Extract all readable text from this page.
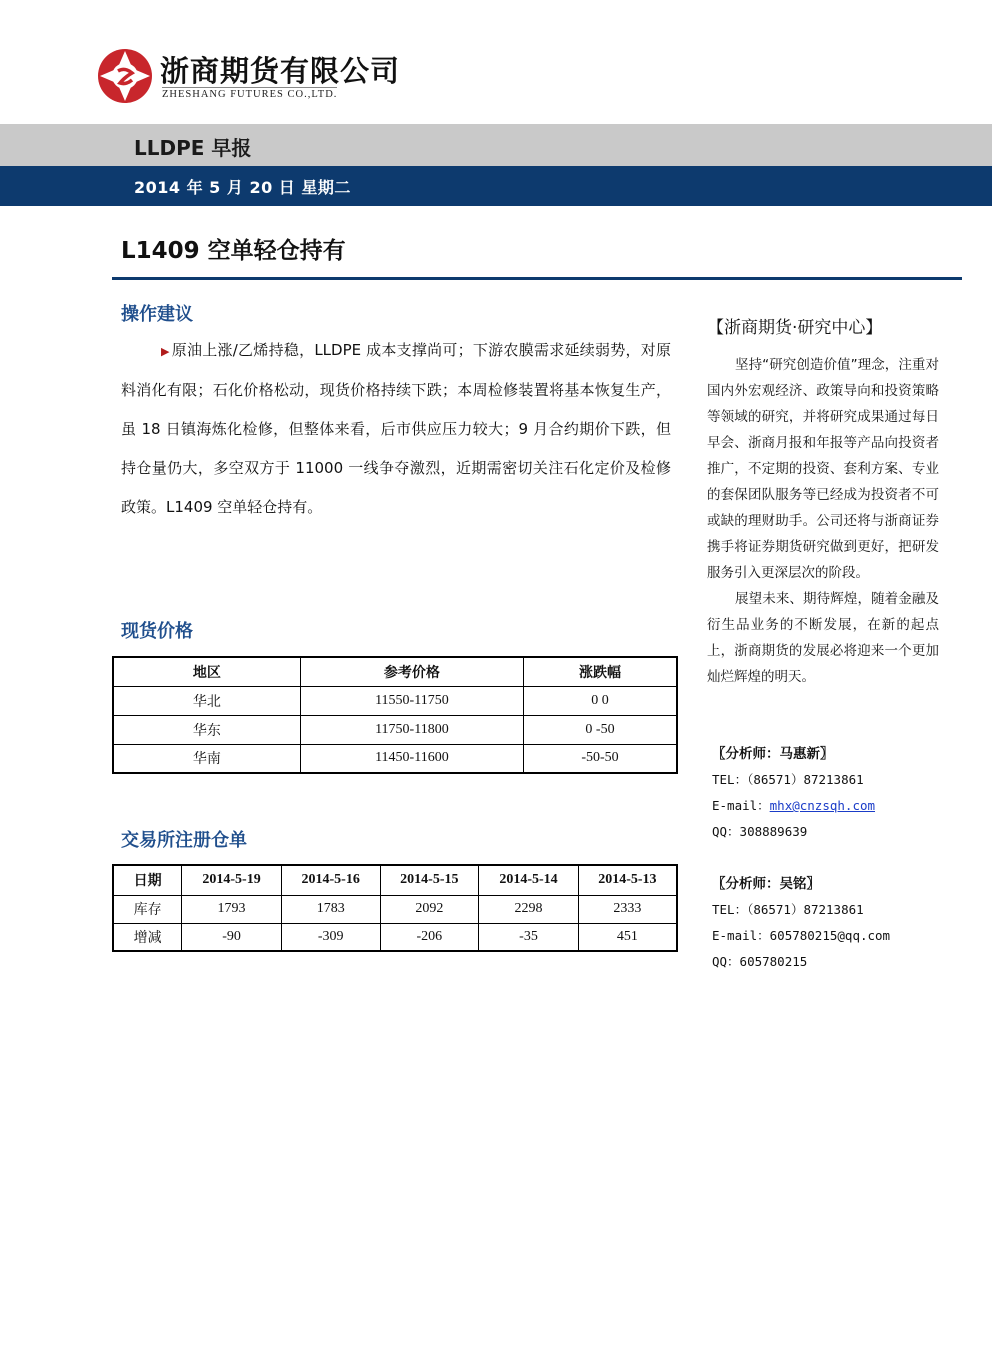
浙商期货有限公司
ZHESHANG FUTURES CO.,LTD.
LLDPE 早报
2014 年 5 月 20 日 星期二
L1409 空单轻仓持有
操作建议
▶ 原油上涨/乙烯持稳，LLDPE 成本支撑尚可；下游农膜需求延续弱势，对原料消化有限；石化价格松动，现货价格持续下跌；本周检修装置将基本恢复生产，虽 18 日镇海炼化检修，但整体来看，后市供应压力较大；9 月合约期价下跌，但持仓量仍大，多空双方于 11000 一线争夺激烈，近期需密切关注石化定价及检修政策。L1409 空单轻仓持有。
现货价格
地区	参考价格	涨跌幅
华北	11550-11750	0 0
华东	11750-11800	0 -50
华南	11450-11600	-50-50
交易所注册仓单
日期	2014-5-19	2014-5-16	2014-5-15	2014-5-14	2014-5-13
库存	1793	1783	2092	2298	2333
增减	-90	-309	-206	-35	451
【浙商期货·研究中心】

坚持“研究创造价值”理念，注重对国内外宏观经济、政策导向和投资策略等领域的研究，并将研究成果通过每日早会、浙商月报和年报等产品向投资者推广，不定期的投资、套利方案、专业的套保团队服务等已经成为投资者不可或缺的理财助手。公司还将与浙商证券携手将证券期货研究做到更好，把研发服务引入更深层次的阶段。

展望未来、期待辉煌，随着金融及衍生品业务的不断发展，在新的起点上，浙商期货的发展必将迎来一个更加灿烂辉煌的明天。

〖分析师：马惠新〗
TEL：（86571）87213861
E-mail：mhx@cnzsqh.com
QQ：308889639
〖分析师：吴铭〗
TEL：（86571）87213861
E-mail：605780215@qq.com
QQ：605780215
